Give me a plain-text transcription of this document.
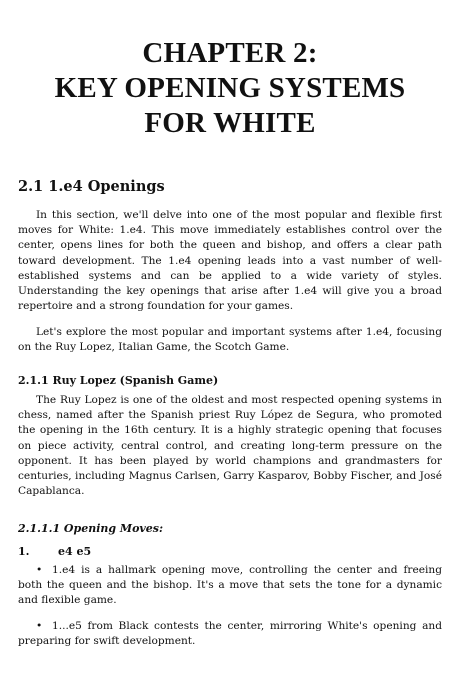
CHAPTER 2:
KEY OPENING SYSTEMS
FOR WHITE
2.1 1.e4 Openings

In this section, we'll delve into one of the most popular and flexible first moves for White: 1.e4. This move immediately establishes control over the center, opens lines for both the queen and bishop, and offers a clear path toward development. The 1.e4 opening leads into a vast number of well-established systems and can be applied to a wide variety of styles. Understanding the key openings that arise after 1.e4 will give you a broad repertoire and a strong foundation for your games.

Let's explore the most popular and important systems after 1.e4, focusing on the Ruy Lopez, Italian Game, the Scotch Game.

2.1.1 Ruy Lopez (Spanish Game)

The Ruy Lopez is one of the oldest and most respected opening systems in chess, named after the Spanish priest Ruy López de Segura, who promoted the opening in the 16th century. It is a highly strategic opening that focuses on piece activity, central control, and creating long-term pressure on the opponent. It has been played by world champions and grandmasters for centuries, including Magnus Carlsen, Garry Kasparov, Bobby Fischer, and José Capablanca.

2.1.1.1 Opening Moves:
1.	e4 e5

• 1.e4 is a hallmark opening move, controlling the center and freeing both the queen and the bishop. It's a move that sets the tone for a dynamic and flexible game.

• 1...e5 from Black contests the center, mirroring White's opening and preparing for swift development.
